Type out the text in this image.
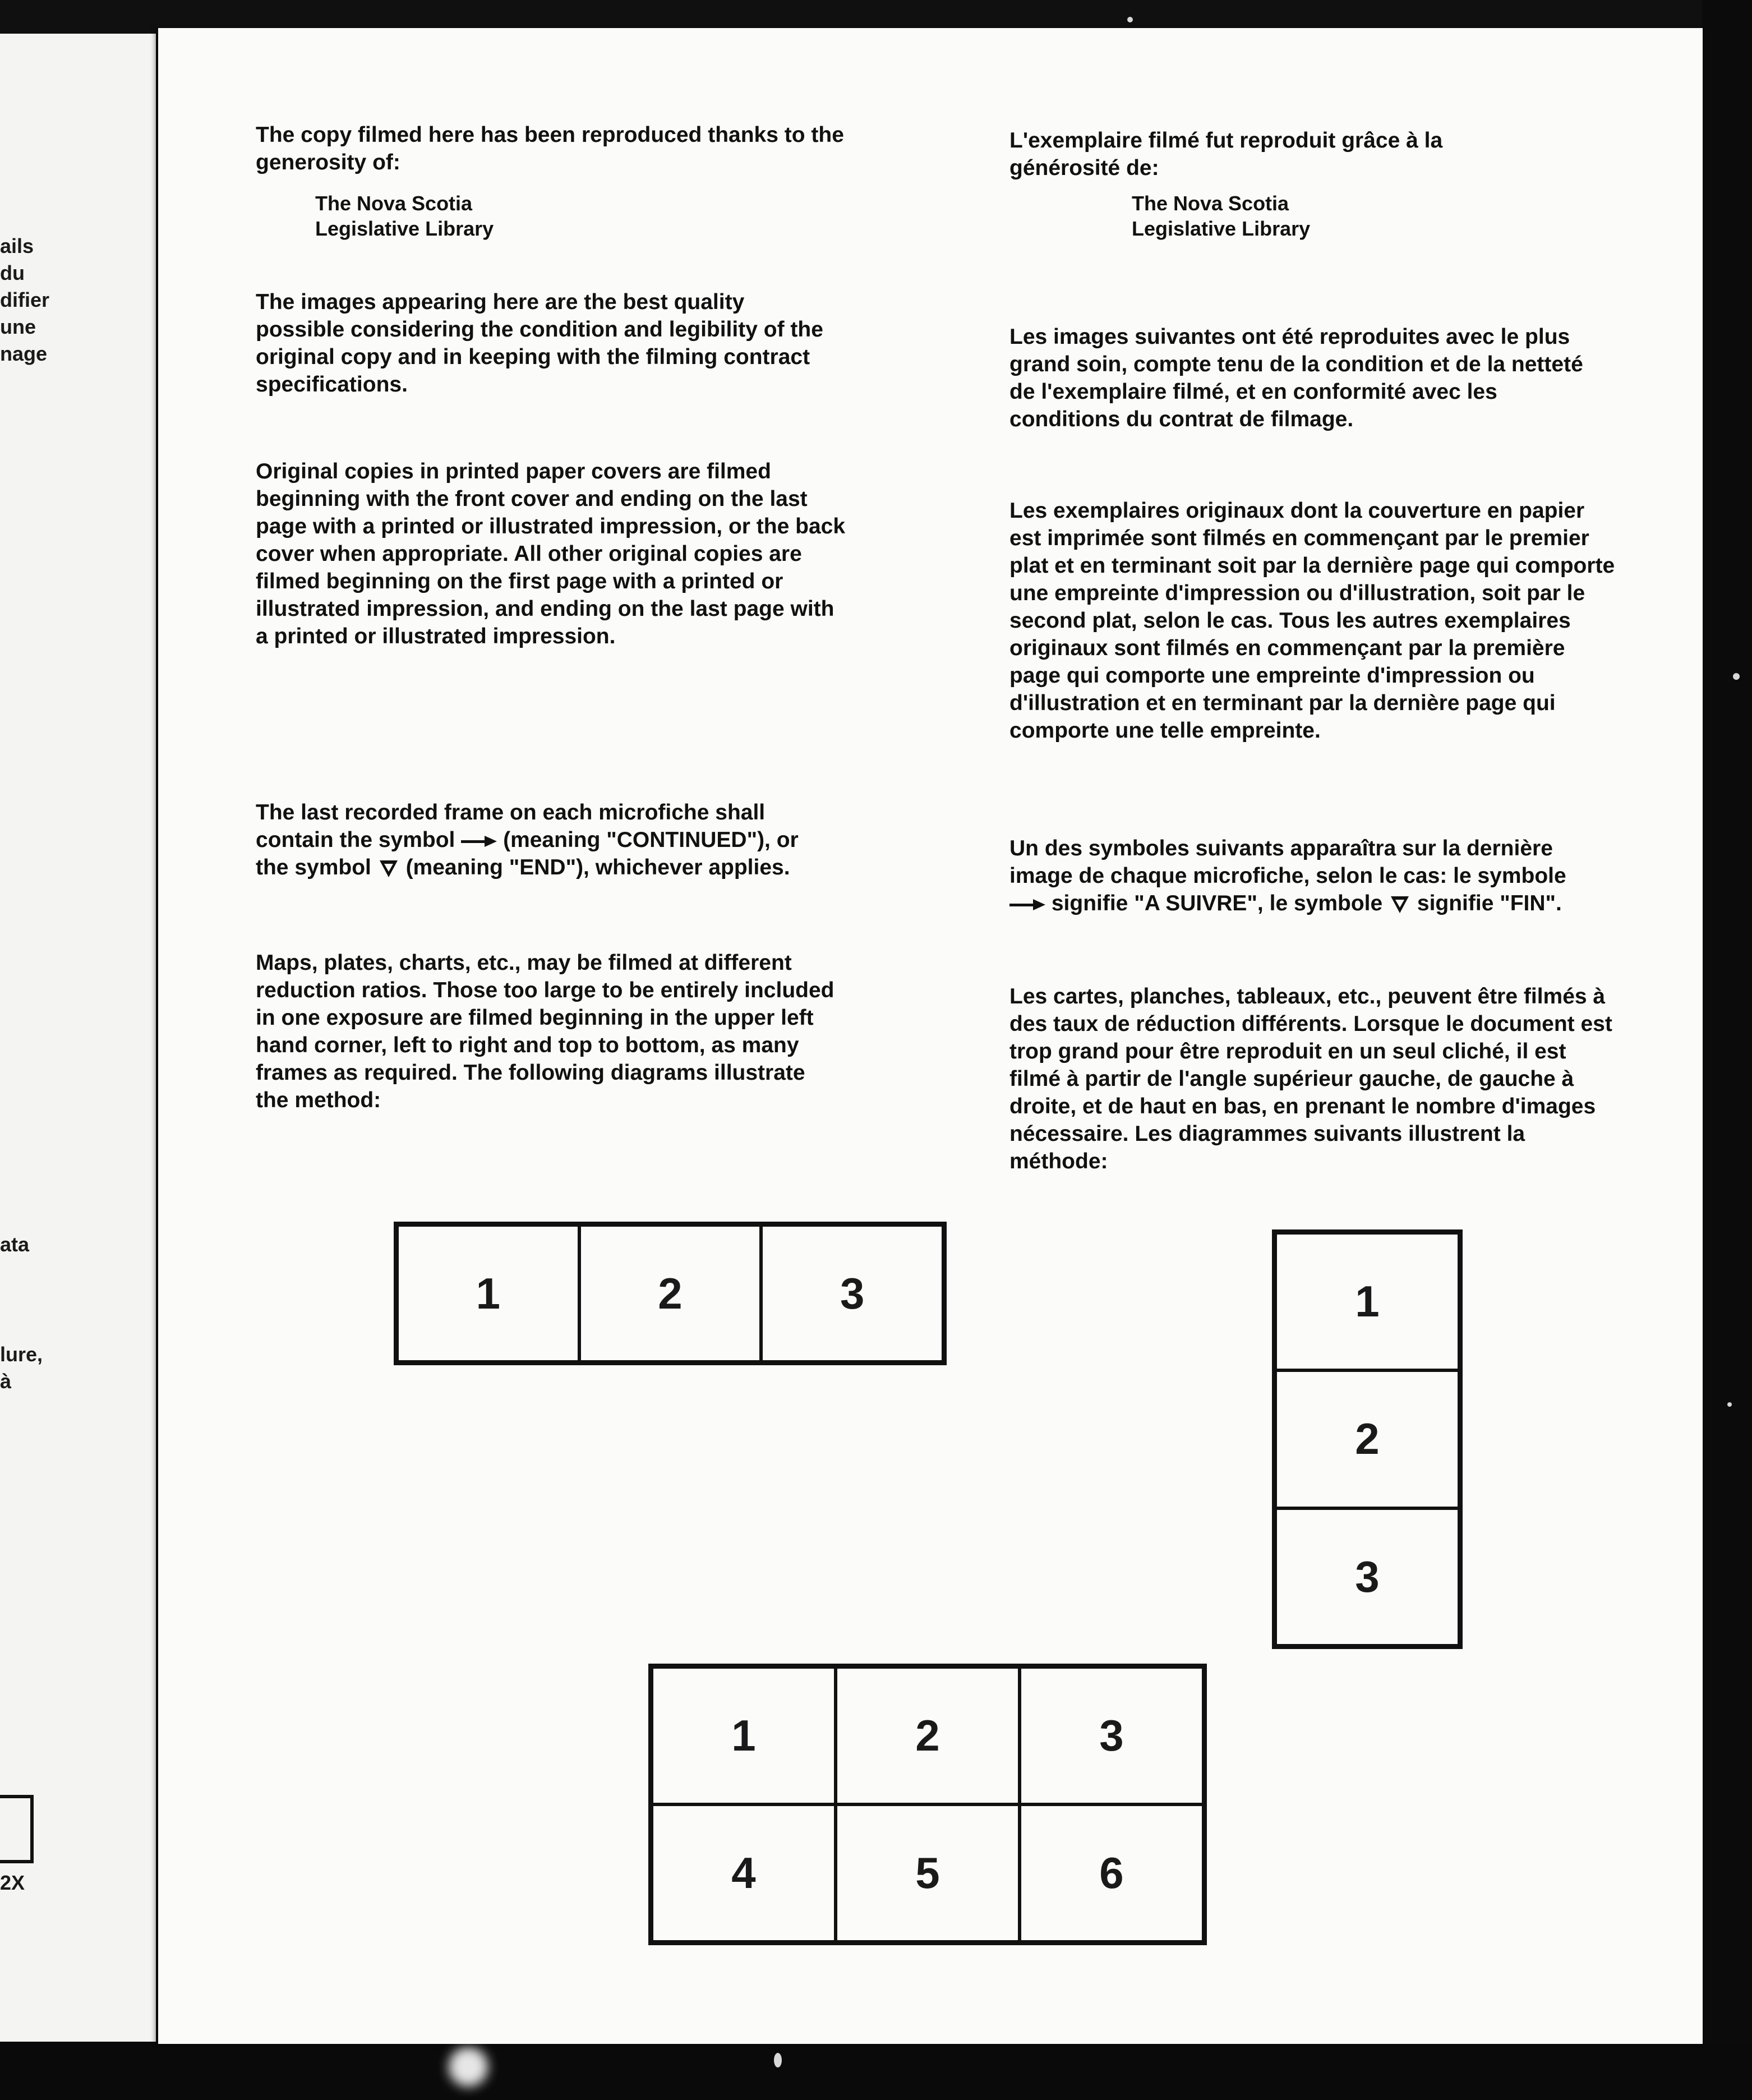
ails
du
difier
une
nage
ata
lure,
à
2X

The copy filmed here has been reproduced thanks to the generosity of:

The Nova Scotia
Legislative Library

The images appearing here are the best quality possible considering the condition and legibility of the original copy and in keeping with the filming contract specifications.

Original copies in printed paper covers are filmed beginning with the front cover and ending on the last page with a printed or illustrated impression, or the back cover when appropriate. All other original copies are filmed beginning on the first page with a printed or illustrated impression, and ending on the last page with a printed or illustrated impression.

The last recorded frame on each microfiche shall contain the symbol (meaning "CONTINUED"), or the symbol (meaning "END"), whichever applies.

Maps, plates, charts, etc., may be filmed at different reduction ratios. Those too large to be entirely included in one exposure are filmed beginning in the upper left hand corner, left to right and top to bottom, as many frames as required. The following diagrams illustrate the method:

L'exemplaire filmé fut reproduit grâce à la générosité de:

The Nova Scotia
Legislative Library

Les images suivantes ont été reproduites avec le plus grand soin, compte tenu de la condition et de la netteté de l'exemplaire filmé, et en conformité avec les conditions du contrat de filmage.

Les exemplaires originaux dont la couverture en papier est imprimée sont filmés en commençant par le premier plat et en terminant soit par la dernière page qui comporte une empreinte d'impression ou d'illustration, soit par le second plat, selon le cas. Tous les autres exemplaires originaux sont filmés en commençant par la première page qui comporte une empreinte d'impression ou d'illustration et en terminant par la dernière page qui comporte une telle empreinte.

Un des symboles suivants apparaîtra sur la dernière image de chaque microfiche, selon le cas: le symbole  signifie "A SUIVRE", le symbole signifie "FIN".

Les cartes, planches, tableaux, etc., peuvent être filmés à des taux de réduction différents. Lorsque le document est trop grand pour être reproduit en un seul cliché, il est filmé à partir de l'angle supérieur gauche, de gauche à droite, et de haut en bas, en prenant le nombre d'images nécessaire. Les diagrammes suivants illustrent la méthode:

1	2	3	1
2
3
1	2	3
4	5	6
